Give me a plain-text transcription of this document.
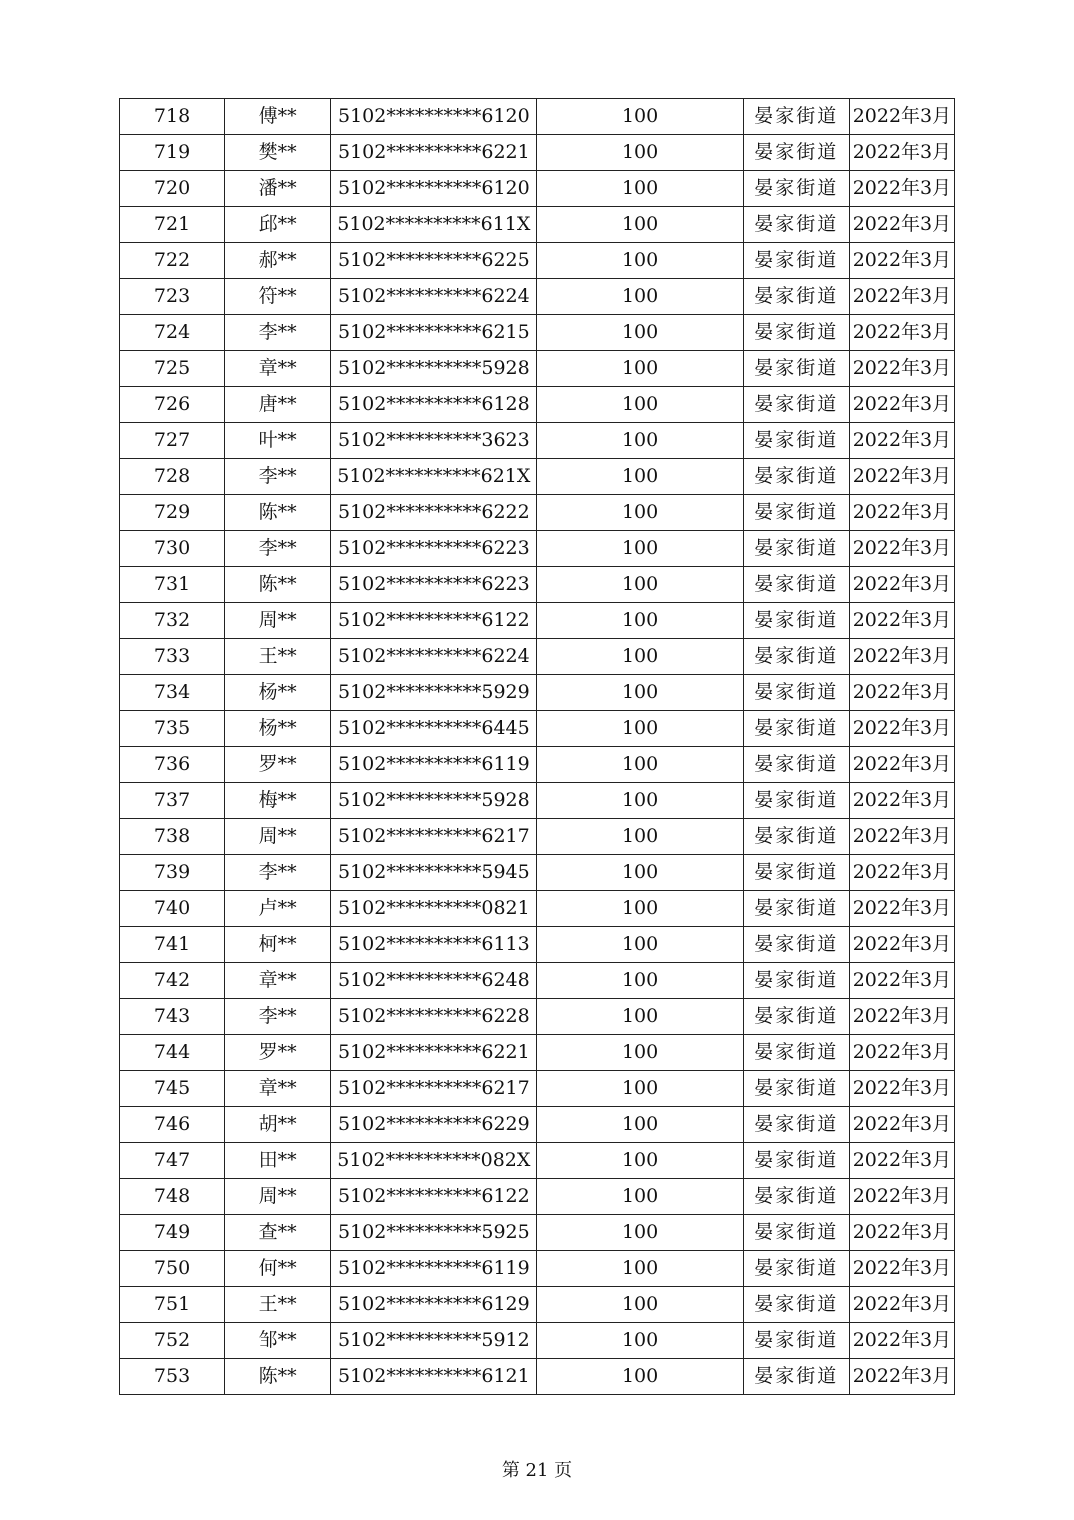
718	傅**	5102**********6120	100	晏家街道	2022年3月
719	樊**	5102**********6221	100	晏家街道	2022年3月
720	潘**	5102**********6120	100	晏家街道	2022年3月
721	邱**	5102**********611X	100	晏家街道	2022年3月
722	郝**	5102**********6225	100	晏家街道	2022年3月
723	符**	5102**********6224	100	晏家街道	2022年3月
724	李**	5102**********6215	100	晏家街道	2022年3月
725	章**	5102**********5928	100	晏家街道	2022年3月
726	唐**	5102**********6128	100	晏家街道	2022年3月
727	叶**	5102**********3623	100	晏家街道	2022年3月
728	李**	5102**********621X	100	晏家街道	2022年3月
729	陈**	5102**********6222	100	晏家街道	2022年3月
730	李**	5102**********6223	100	晏家街道	2022年3月
731	陈**	5102**********6223	100	晏家街道	2022年3月
732	周**	5102**********6122	100	晏家街道	2022年3月
733	王**	5102**********6224	100	晏家街道	2022年3月
734	杨**	5102**********5929	100	晏家街道	2022年3月
735	杨**	5102**********6445	100	晏家街道	2022年3月
736	罗**	5102**********6119	100	晏家街道	2022年3月
737	梅**	5102**********5928	100	晏家街道	2022年3月
738	周**	5102**********6217	100	晏家街道	2022年3月
739	李**	5102**********5945	100	晏家街道	2022年3月
740	卢**	5102**********0821	100	晏家街道	2022年3月
741	柯**	5102**********6113	100	晏家街道	2022年3月
742	章**	5102**********6248	100	晏家街道	2022年3月
743	李**	5102**********6228	100	晏家街道	2022年3月
744	罗**	5102**********6221	100	晏家街道	2022年3月
745	章**	5102**********6217	100	晏家街道	2022年3月
746	胡**	5102**********6229	100	晏家街道	2022年3月
747	田**	5102**********082X	100	晏家街道	2022年3月
748	周**	5102**********6122	100	晏家街道	2022年3月
749	查**	5102**********5925	100	晏家街道	2022年3月
750	何**	5102**********6119	100	晏家街道	2022年3月
751	王**	5102**********6129	100	晏家街道	2022年3月
752	邹**	5102**********5912	100	晏家街道	2022年3月
753	陈**	5102**********6121	100	晏家街道	2022年3月
第 21 页
